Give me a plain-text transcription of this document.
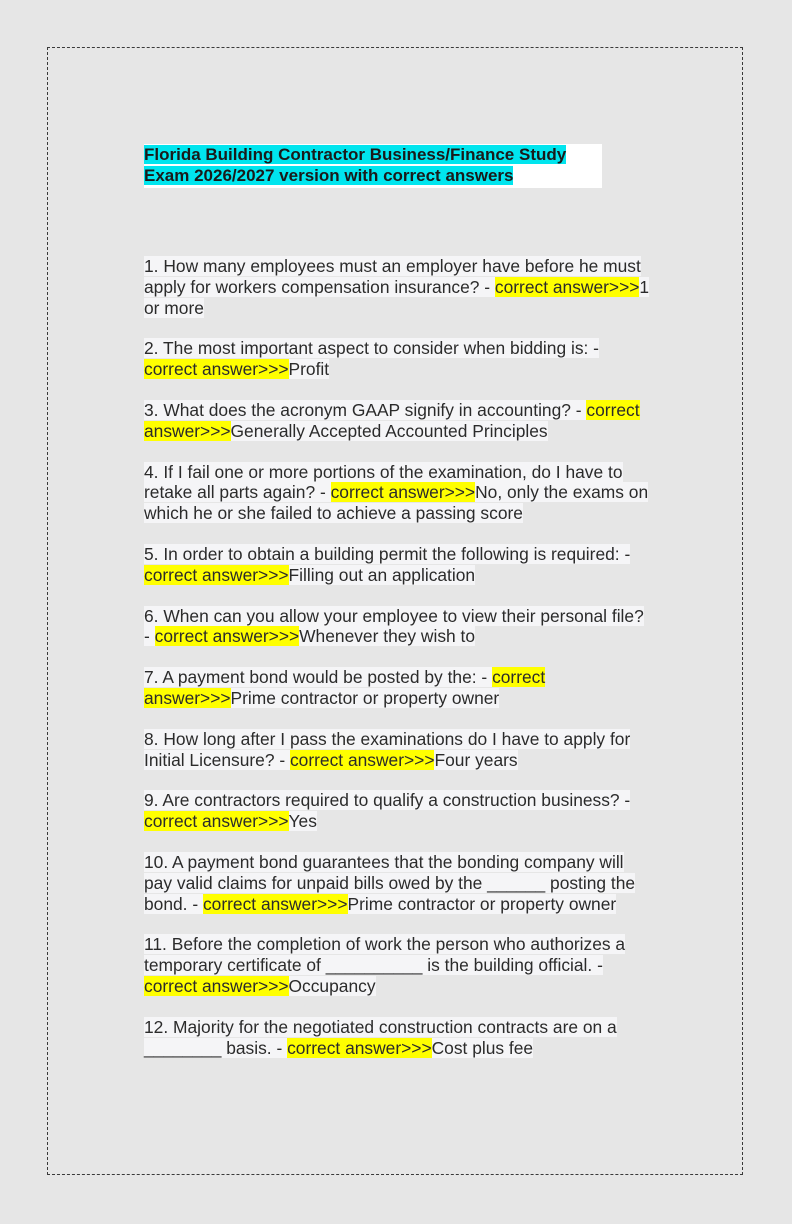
Florida Building Contractor Business/Finance Study Exam 2026/2027 version with correct answers

1. How many employees must an employer have before he must apply for workers compensation insurance? - correct answer>>>1 or more

2. The most important aspect to consider when bidding is: - correct answer>>>Profit

3. What does the acronym GAAP signify in accounting? - correct answer>>>Generally Accepted Accounted Principles

4. If I fail one or more portions of the examination, do I have to retake all parts again? - correct answer>>>No, only the exams on which he or she failed to achieve a passing score

5. In order to obtain a building permit the following is required: - correct answer>>>Filling out an application

6. When can you allow your employee to view their personal file? - correct answer>>>Whenever they wish to

7. A payment bond would be posted by the: - correct answer>>>Prime contractor or property owner

8. How long after I pass the examinations do I have to apply for Initial Licensure? - correct answer>>>Four years

9. Are contractors required to qualify a construction business? - correct answer>>>Yes

10. A payment bond guarantees that the bonding company will pay valid claims for unpaid bills owed by the ______ posting the bond. - correct answer>>>Prime contractor or property owner

11. Before the completion of work the person who authorizes a temporary certificate of __________ is the building official. - correct answer>>>Occupancy

12. Majority for the negotiated construction contracts are on a ________ basis. - correct answer>>>Cost plus fee
